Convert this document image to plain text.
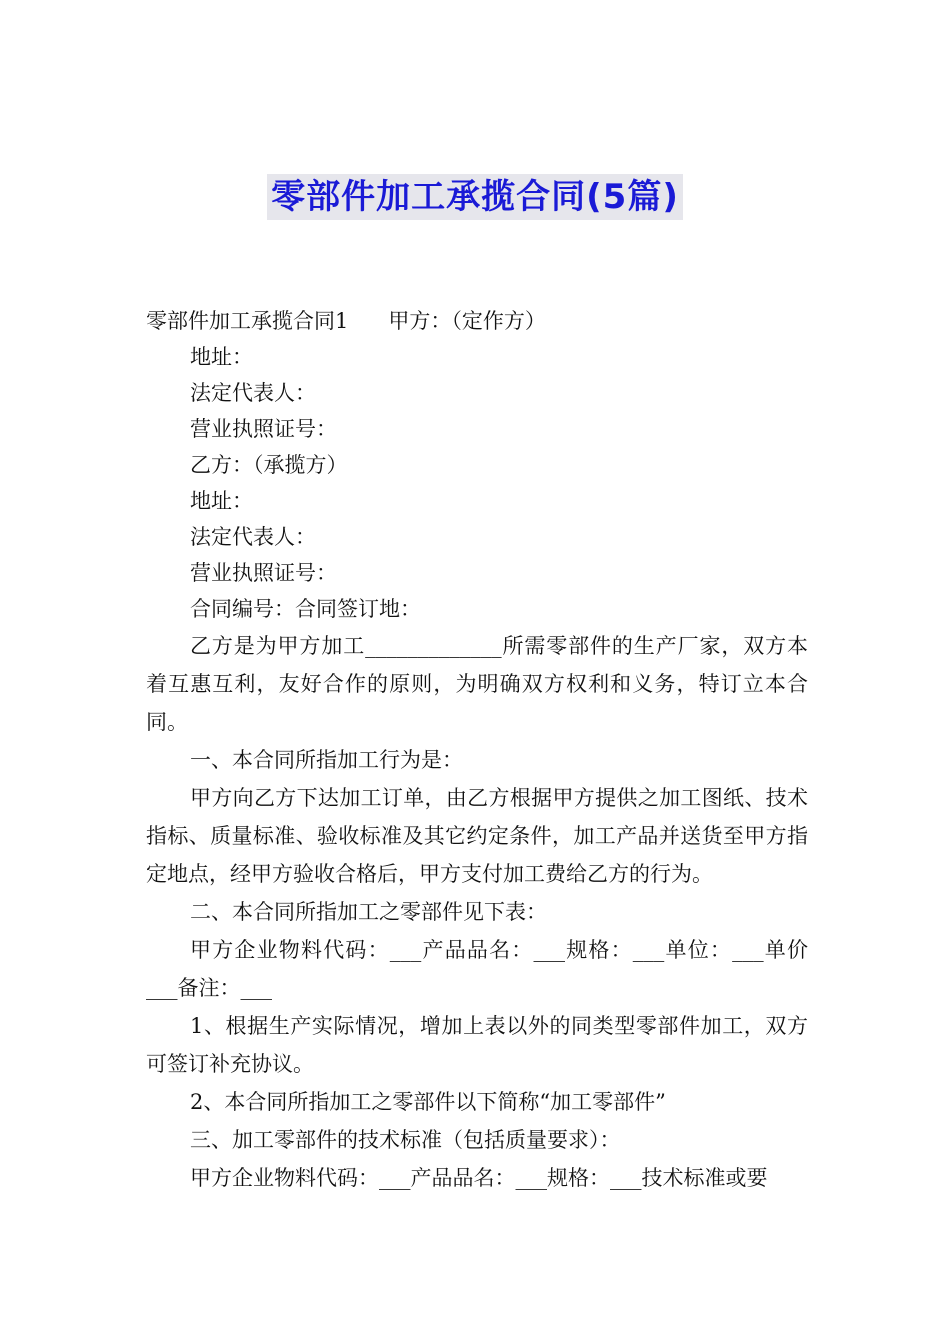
零部件加工承揽合同(5篇)

零部件加工承揽合同1 甲方：（定作方）

地址：

法定代表人：

营业执照证号：

乙方：（承揽方）

地址：

法定代表人：

营业执照证号：

合同编号：合同签订地：

乙方是为甲方加工_____________所需零部件的生产厂家，双方本着互惠互利，友好合作的原则，为明确双方权利和义务，特订立本合同。

一、本合同所指加工行为是：

甲方向乙方下达加工订单，由乙方根据甲方提供之加工图纸、技术指标、质量标准、验收标准及其它约定条件，加工产品并送货至甲方指定地点，经甲方验收合格后，甲方支付加工费给乙方的行为。

二、本合同所指加工之零部件见下表：

甲方企业物料代码：___产品品名：___规格：___单位：___单价___备注：___

1、根据生产实际情况，增加上表以外的同类型零部件加工，双方可签订补充协议。

2、本合同所指加工之零部件以下简称“加工零部件”

三、加工零部件的技术标准（包括质量要求）：

甲方企业物料代码：___产品品名：___规格：___技术标准或要
